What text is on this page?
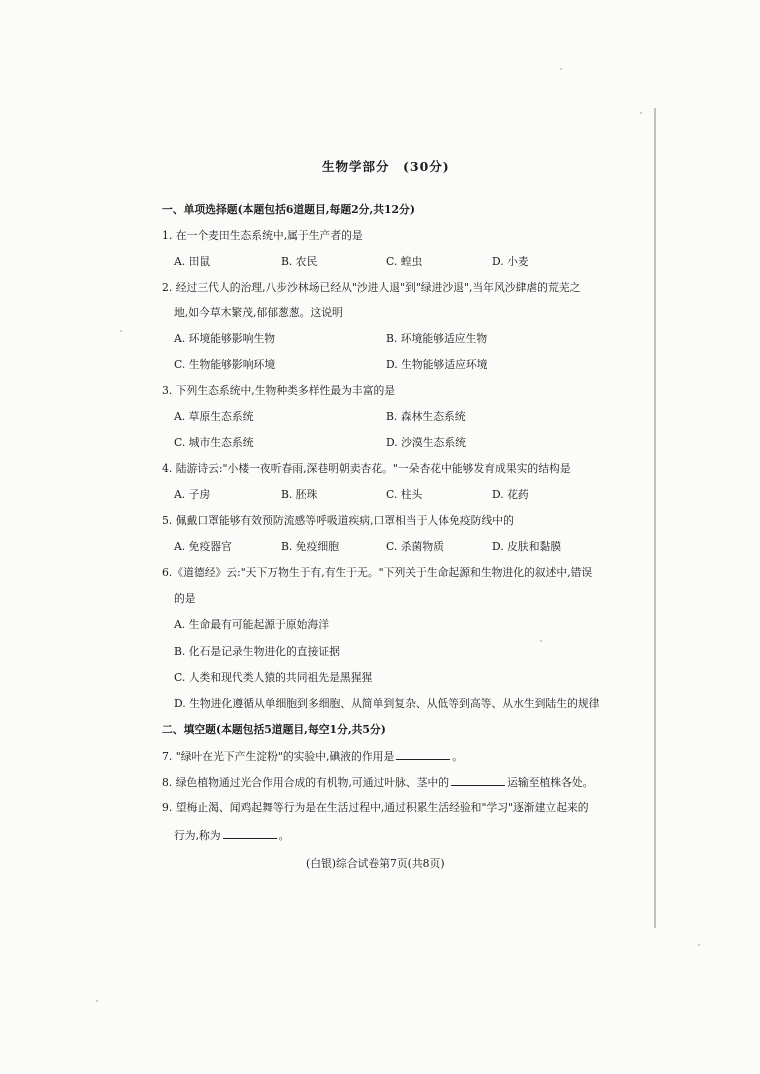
生物学部分　(30分)
一、单项选择题(本题包括6道题目,每题2分,共12分)
1. 在一个麦田生态系统中,属于生产者的是
A. 田鼠	B. 农民	C. 蝗虫	D. 小麦
2. 经过三代人的治理,八步沙林场已经从"沙进人退"到"绿进沙退",当年风沙肆虐的荒芜之
地,如今草木繁茂,郁郁葱葱。这说明
A. 环境能够影响生物	B. 环境能够适应生物
C. 生物能够影响环境	D. 生物能够适应环境
3. 下列生态系统中,生物种类多样性最为丰富的是
A. 草原生态系统	B. 森林生态系统
C. 城市生态系统	D. 沙漠生态系统
4. 陆游诗云:"小楼一夜听春雨,深巷明朝卖杏花。"一朵杏花中能够发育成果实的结构是
A. 子房	B. 胚珠	C. 柱头	D. 花药
5. 佩戴口罩能够有效预防流感等呼吸道疾病,口罩相当于人体免疫防线中的
A. 免疫器官	B. 免疫细胞	C. 杀菌物质	D. 皮肤和黏膜
6.《道德经》云:"天下万物生于有,有生于无。"下列关于生命起源和生物进化的叙述中,错误
的是
A. 生命最有可能起源于原始海洋
B. 化石是记录生物进化的直接证据
C. 人类和现代类人猿的共同祖先是黑猩猩
D. 生物进化遵循从单细胞到多细胞、从简单到复杂、从低等到高等、从水生到陆生的规律
二、填空题(本题包括5道题目,每空1分,共5分)
7. "绿叶在光下产生淀粉"的实验中,碘液的作用是	。
8. 绿色植物通过光合作用合成的有机物,可通过叶脉、茎中的	运输至植株各处。
9. 望梅止渴、闻鸡起舞等行为是在生活过程中,通过积累生活经验和"学习"逐渐建立起来的
行为,称为	。
(白银)综合试卷第7页(共8页)
